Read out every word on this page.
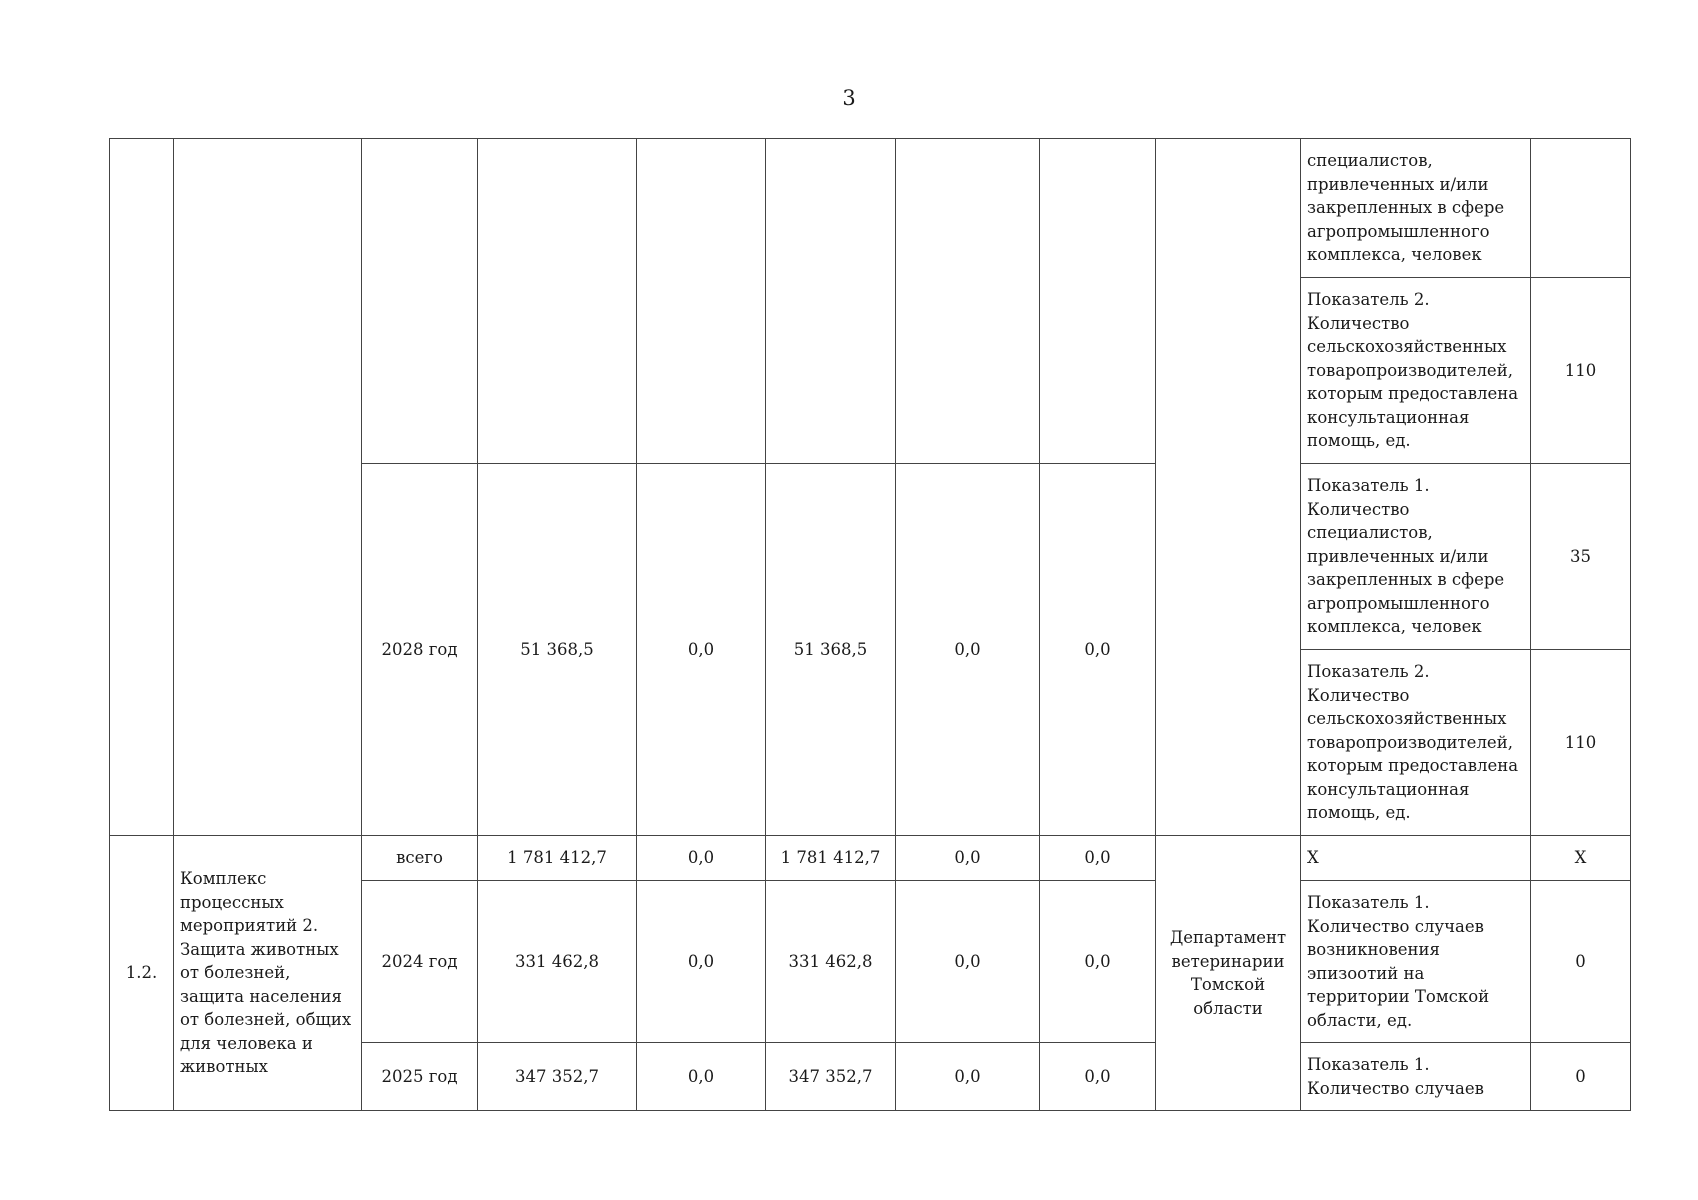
3
									специалистов, привлеченных и/или закрепленных в сфере агропромышленного комплекса, человек	
									Показатель 2. Количество сельскохозяйственных товаропроизводителей, которым предоставлена консультационная помощь, ед.	110
		2028 год	51 368,5	0,0	51 368,5	0,0	0,0		Показатель 1. Количество специалистов, привлеченных и/или закрепленных в сфере агропромышленного комплекса, человек	35
									Показатель 2. Количество сельскохозяйственных товаропроизводителей, которым предоставлена консультационная помощь, ед.	110
1.2.	Комплекс процессных мероприятий 2. Защита животных от болезней, защита населения от болезней, общих для человека и животных	всего	1 781 412,7	0,0	1 781 412,7	0,0	0,0	Департамент ветеринарии Томской области	X	X
		2024 год	331 462,8	0,0	331 462,8	0,0	0,0		Показатель 1. Количество случаев возникновения эпизоотий на территории Томской области, ед.	0
		2025 год	347 352,7	0,0	347 352,7	0,0	0,0		Показатель 1. Количество случаев	0
